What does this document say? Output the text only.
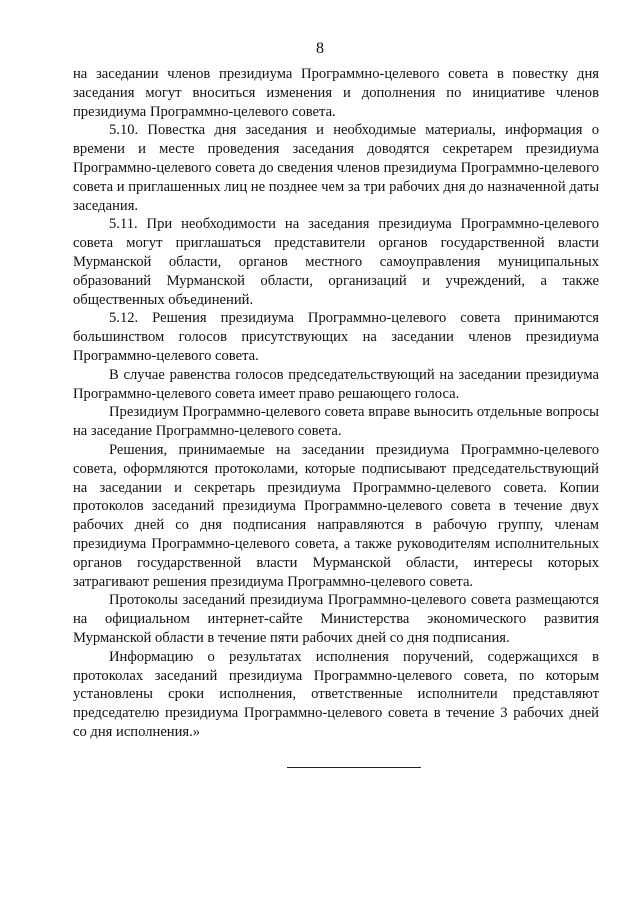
8

на заседании членов президиума Программно-целевого совета в повестку дня заседания могут вноситься изменения и дополнения по инициативе членов президиума Программно-целевого совета.

5.10. Повестка дня заседания и необходимые материалы, информация о времени и месте проведения заседания доводятся секретарем президиума Программно-целевого совета до сведения членов президиума Программно-целевого совета и приглашенных лиц не позднее чем за три рабочих дня до назначенной даты заседания.

5.11. При необходимости на заседания президиума Программно-целевого совета могут приглашаться представители органов государственной власти Мурманской области, органов местного самоуправления муниципальных образований Мурманской области, организаций и учреждений, а также общественных объединений.

5.12. Решения президиума Программно-целевого совета принимаются большинством голосов присутствующих на заседании членов президиума Программно-целевого совета.

В случае равенства голосов председательствующий на заседании президиума Программно-целевого совета имеет право решающего голоса.

Президиум Программно-целевого совета вправе выносить отдельные вопросы на заседание Программно-целевого совета.

Решения, принимаемые на заседании президиума Программно-целевого совета, оформляются протоколами, которые подписывают председательствующий на заседании и секретарь президиума Программно-целевого совета. Копии протоколов заседаний президиума Программно-целевого совета в течение двух рабочих дней со дня подписания направляются в рабочую группу, членам президиума Программно-целевого совета, а также руководителям исполнительных органов государственной власти Мурманской области, интересы которых затрагивают решения президиума Программно-целевого совета.

Протоколы заседаний президиума Программно-целевого совета размещаются на официальном интернет-сайте Министерства экономического развития Мурманской области в течение пяти рабочих дней со дня подписания.

Информацию о результатах исполнения поручений, содержащихся в протоколах заседаний президиума Программно-целевого совета, по которым установлены сроки исполнения, ответственные исполнители представляют председателю президиума Программно-целевого совета в течение 3 рабочих дней со дня исполнения.»
